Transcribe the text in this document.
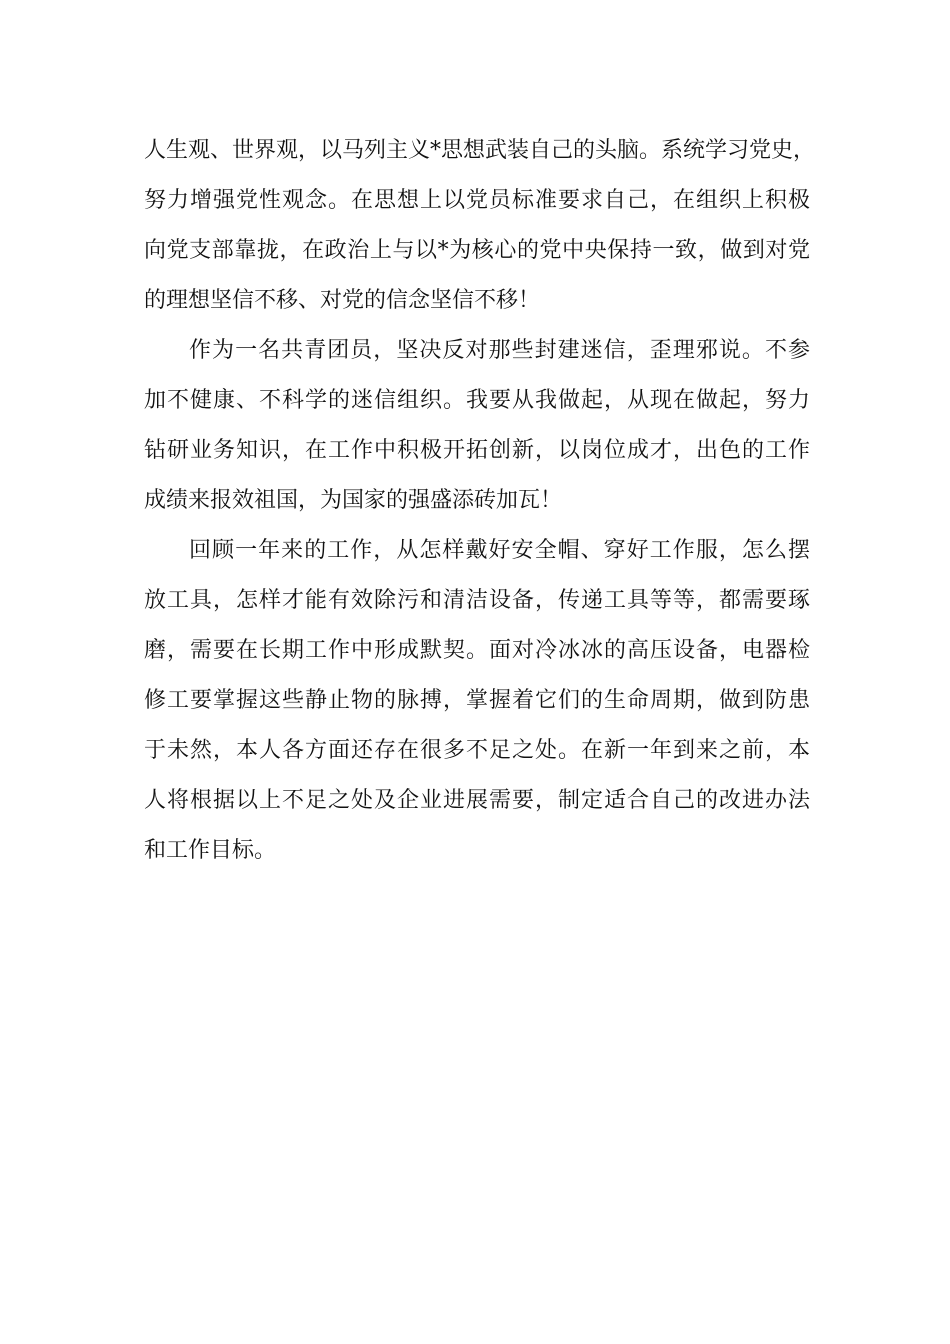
人生观、世界观，以马列主义*思想武装自己的头脑。系统学习党史，
努力增强党性观念。在思想上以党员标准要求自己，在组织上积极
向党支部靠拢，在政治上与以*为核心的党中央保持一致，做到对党
的理想坚信不移、对党的信念坚信不移！
作为一名共青团员，坚决反对那些封建迷信，歪理邪说。不参
加不健康、不科学的迷信组织。我要从我做起，从现在做起，努力
钻研业务知识，在工作中积极开拓创新，以岗位成才，出色的工作
成绩来报效祖国，为国家的强盛添砖加瓦！
回顾一年来的工作，从怎样戴好安全帽、穿好工作服，怎么摆
放工具，怎样才能有效除污和清洁设备，传递工具等等，都需要琢
磨，需要在长期工作中形成默契。面对冷冰冰的高压设备，电器检
修工要掌握这些静止物的脉搏，掌握着它们的生命周期，做到防患
于未然，本人各方面还存在很多不足之处。在新一年到来之前，本
人将根据以上不足之处及企业进展需要，制定适合自己的改进办法
和工作目标。
